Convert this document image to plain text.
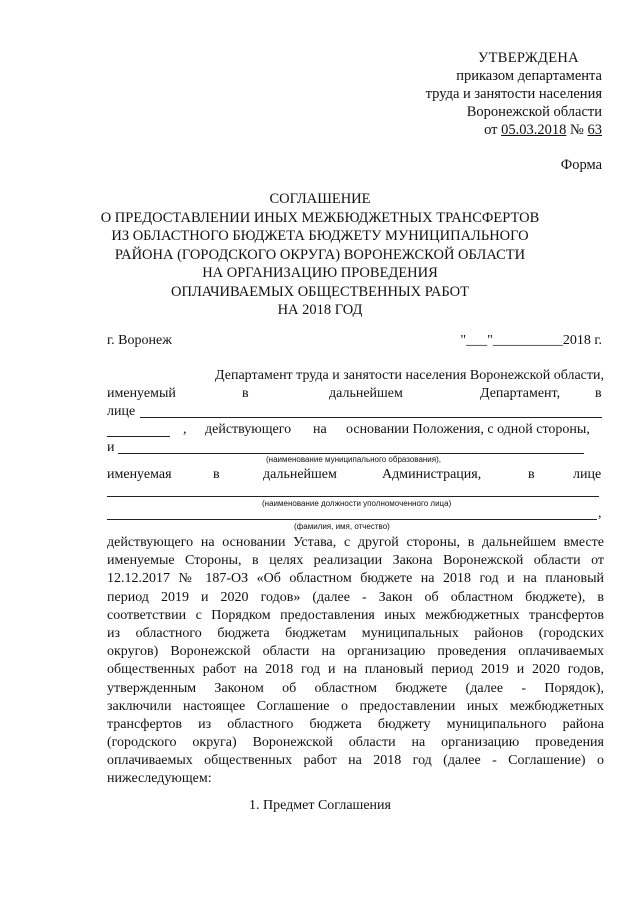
УТВЕРЖДЕНА
приказом департамента
труда и занятости населения
Воронежской области
от 05.03.2018 № 63
Форма
СОГЛАШЕНИЕ
О ПРЕДОСТАВЛЕНИИ ИНЫХ МЕЖБЮДЖЕТНЫХ ТРАНСФЕРТОВ
ИЗ ОБЛАСТНОГО БЮДЖЕТА БЮДЖЕТУ МУНИЦИПАЛЬНОГО
РАЙОНА (ГОРОДСКОГО ОКРУГА) ВОРОНЕЖСКОЙ ОБЛАСТИ
НА ОРГАНИЗАЦИЮ ПРОВЕДЕНИЯ
ОПЛАЧИВАЕМЫХ ОБЩЕСТВЕННЫХ РАБОТ
НА 2018 ГОД
г. Воронеж	"___"__________2018 г.
Департамент труда и занятости населения Воронежской области,
именуемый	в	дальнейшем	Департамент, в
лице
, действующего на основании Положения, с одной стороны,
и
(наименование муниципального образования),
именуемая	в	дальнейшем	Администрация,	в	лице
(наименование должности уполномоченного лица)
,
(фамилия, имя, отчество)
действующего на основании Устава, с другой стороны, в дальнейшем вместе
именуемые Стороны, в целях реализации Закона Воронежской области от
12.12.2017 № 187-ОЗ «Об областном бюджете на 2018 год и на плановый
период 2019 и 2020 годов» (далее - Закон об областном бюджете), в
соответствии с Порядком предоставления иных межбюджетных трансфертов
из областного бюджета бюджетам муниципальных районов (городских
округов) Воронежской области на организацию проведения оплачиваемых
общественных работ на 2018 год и на плановый период 2019 и 2020 годов,
утвержденным Законом об областном бюджете (далее - Порядок),
заключили настоящее Соглашение о предоставлении иных межбюджетных
трансфертов из областного бюджета бюджету муниципального района
(городского округа) Воронежской области на организацию проведения
оплачиваемых общественных работ на 2018 год (далее - Соглашение) о
нижеследующем:
1. Предмет Соглашения
